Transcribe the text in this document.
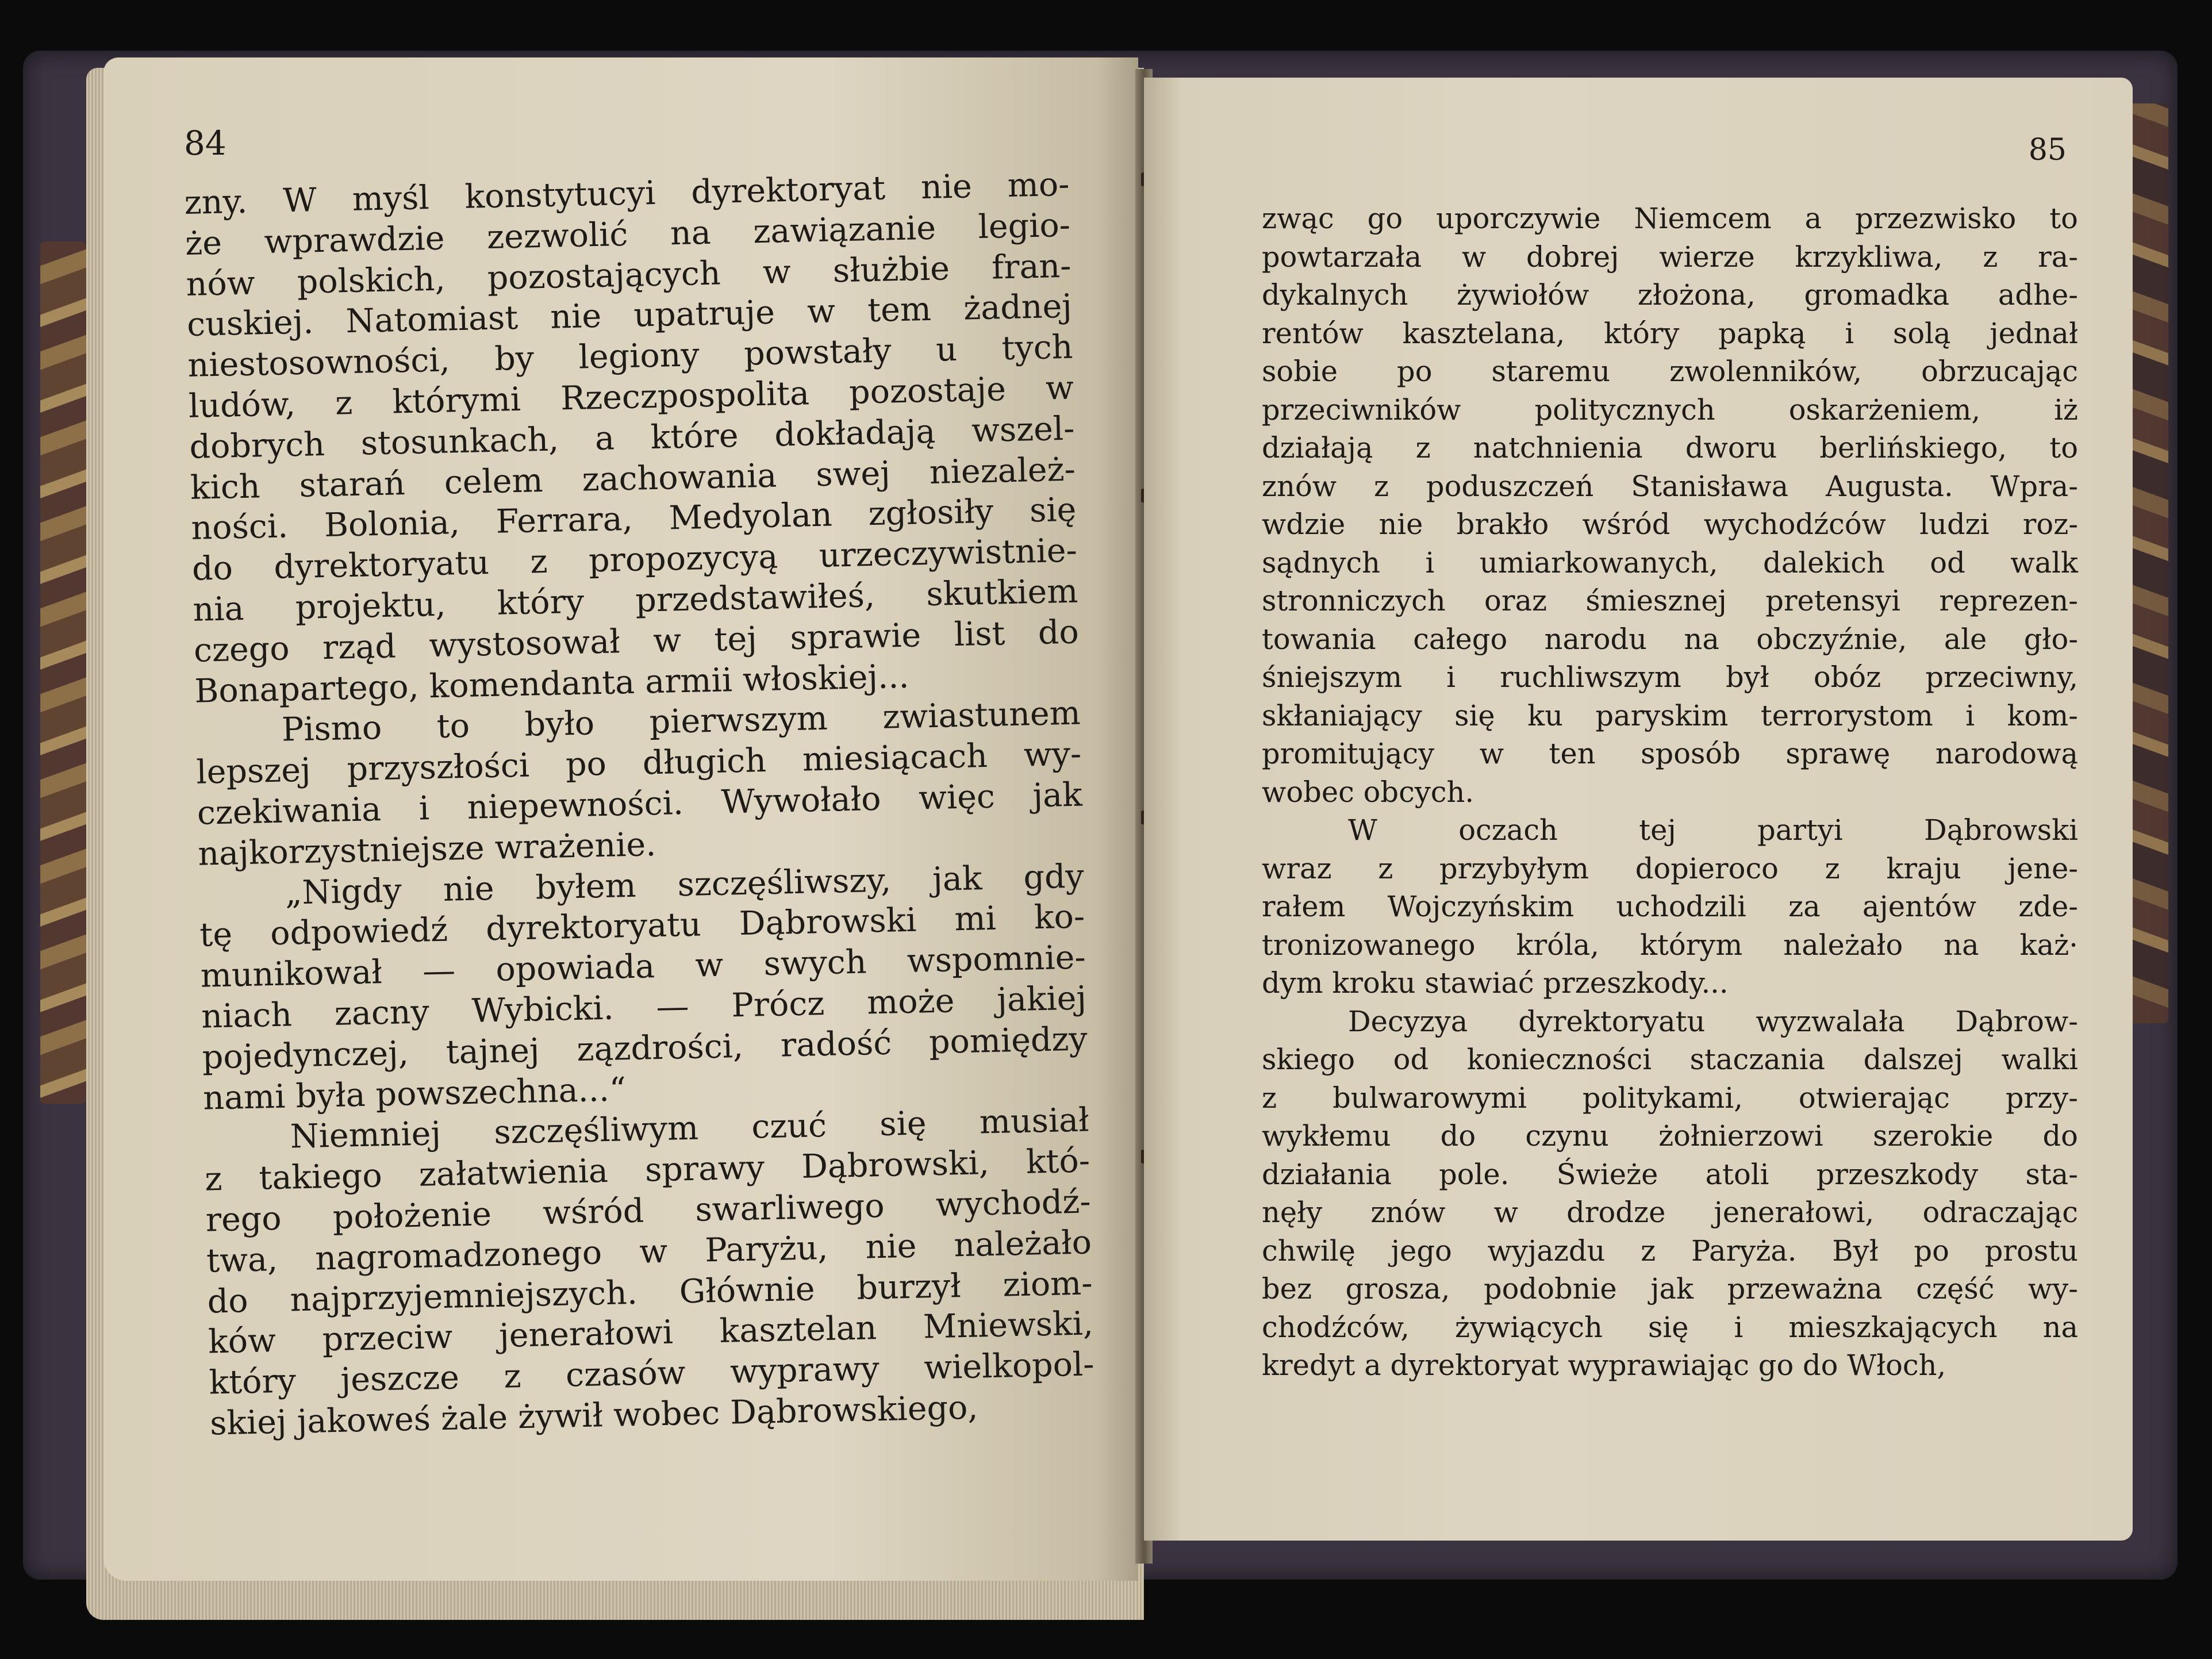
84

zny. W myśl konstytucyi dyrektoryat nie mo-

że wprawdzie zezwolić na zawiązanie legio-

nów polskich, pozostających w służbie fran-

cuskiej. Natomiast nie upatruje w tem żadnej

niestosowności, by legiony powstały u tych

ludów, z którymi Rzeczpospolita pozostaje w

dobrych stosunkach, a które dokładają wszel-

kich starań celem zachowania swej niezależ-

ności. Bolonia, Ferrara, Medyolan zgłosiły się

do dyrektoryatu z propozycyą urzeczywistnie-

nia projektu, który przedstawiłeś, skutkiem

czego rząd wystosował w tej sprawie list do

Bonapartego, komendanta armii włoskiej...

Pismo to było pierwszym zwiastunem

lepszej przyszłości po długich miesiącach wy-

czekiwania i niepewności. Wywołało więc jak

najkorzystniejsze wrażenie.

„Nigdy nie byłem szczęśliwszy, jak gdy

tę odpowiedź dyrektoryatu Dąbrowski mi ko-

munikował — opowiada w swych wspomnie-

niach zacny Wybicki. — Prócz może jakiej

pojedynczej, tajnej zązdrości, radość pomiędzy

nami była powszechna...“

Niemniej szczęśliwym czuć się musiał

z takiego załatwienia sprawy Dąbrowski, któ-

rego położenie wśród swarliwego wychodź-

twa, nagromadzonego w Paryżu, nie należało

do najprzyjemniejszych. Głównie burzył ziom-

ków przeciw jenerałowi kasztelan Mniewski,

który jeszcze z czasów wyprawy wielkopol-

skiej jakoweś żale żywił wobec Dąbrowskiego,

85

zwąc go uporczywie Niemcem a przezwisko to

powtarzała w dobrej wierze krzykliwa, z ra-

dykalnych żywiołów złożona, gromadka adhe-

rentów kasztelana, który papką i solą jednał

sobie po staremu zwolenników, obrzucając

przeciwników politycznych oskarżeniem, iż

działają z natchnienia dworu berlińskiego, to

znów z poduszczeń Stanisława Augusta. Wpra-

wdzie nie brakło wśród wychodźców ludzi roz-

sądnych i umiarkowanych, dalekich od walk

stronniczych oraz śmiesznej pretensyi reprezen-

towania całego narodu na obczyźnie, ale gło-

śniejszym i ruchliwszym był obóz przeciwny,

skłaniający się ku paryskim terrorystom i kom-

promitujący w ten sposób sprawę narodową

wobec obcych.

W oczach tej partyi Dąbrowski

wraz z przybyłym dopieroco z kraju jene-

rałem Wojczyńskim uchodzili za ajentów zde-

tronizowanego króla, którym należało na każ·

dym kroku stawiać przeszkody...

Decyzya dyrektoryatu wyzwalała Dąbrow-

skiego od konieczności staczania dalszej walki

z bulwarowymi politykami, otwierając przy-

wykłemu do czynu żołnierzowi szerokie do

działania pole. Świeże atoli przeszkody sta-

nęły znów w drodze jenerałowi, odraczając

chwilę jego wyjazdu z Paryża. Był po prostu

bez grosza, podobnie jak przeważna część wy-

chodźców, żywiących się i mieszkających na

kredyt a dyrektoryat wyprawiając go do Włoch,
